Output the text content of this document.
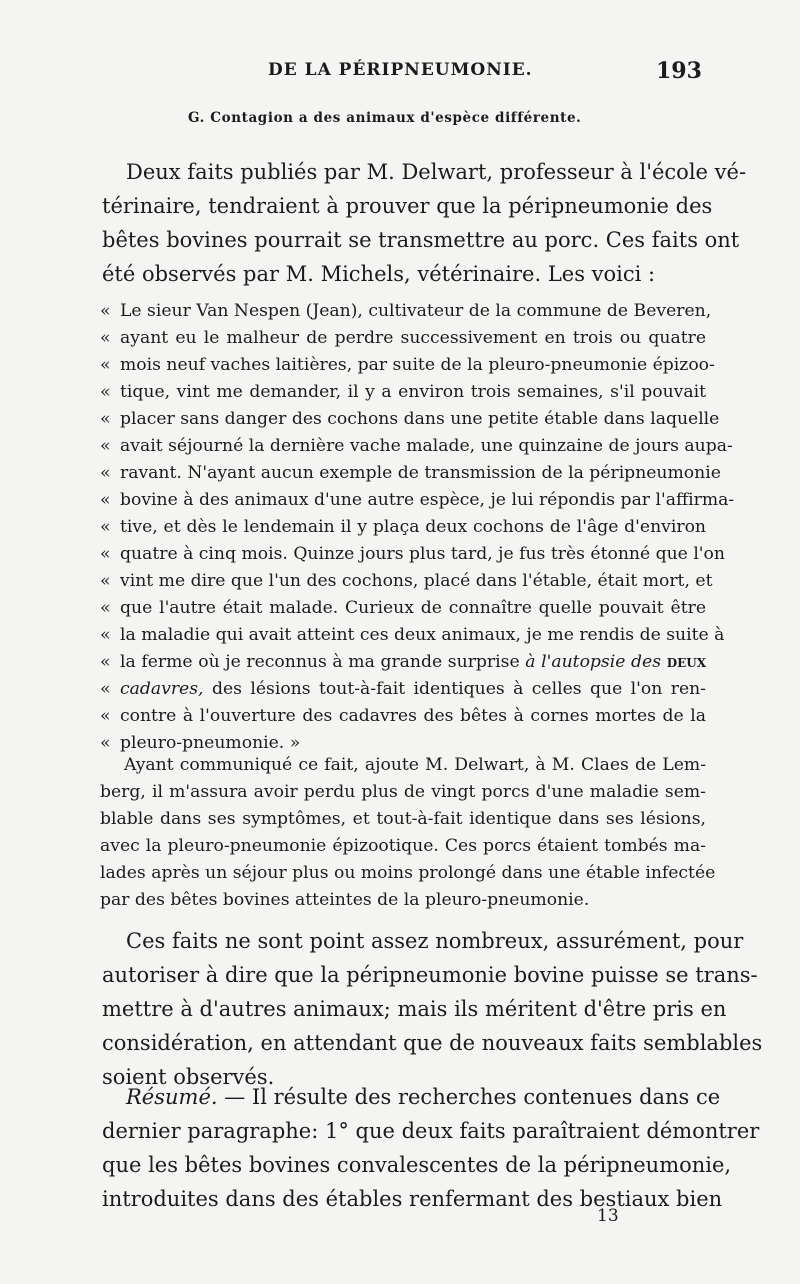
DE LA PÉRIPNEUMONIE.	193
G. Contagion a des animaux d'espèce différente.
Deux faits publiés par M. Delwart, professeur à l'école vé-
térinaire, tendraient à prouver que la péripneumonie des
bêtes bovines pourrait se transmettre au porc. Ces faits ont
été observés par M. Michels, vétérinaire. Les voici :
« Le sieur Van Nespen (Jean), cultivateur de la commune de Beveren,
« ayant eu le malheur de perdre successivement en trois ou quatre
« mois neuf vaches laitières, par suite de la pleuro-pneumonie épizoo-
« tique, vint me demander, il y a environ trois semaines, s'il pouvait
« placer sans danger des cochons dans une petite étable dans laquelle
« avait séjourné la dernière vache malade, une quinzaine de jours aupa-
« ravant. N'ayant aucun exemple de transmission de la péripneumonie
« bovine à des animaux d'une autre espèce, je lui répondis par l'affirma-
« tive, et dès le lendemain il y plaça deux cochons de l'âge d'environ
« quatre à cinq mois. Quinze jours plus tard, je fus très étonné que l'on
« vint me dire que l'un des cochons, placé dans l'étable, était mort, et
« que l'autre était malade. Curieux de connaître quelle pouvait être
« la maladie qui avait atteint ces deux animaux, je me rendis de suite à
« la ferme où je reconnus à ma grande surprise à l'autopsie des deux
« cadavres, des lésions tout-à-fait identiques à celles que l'on ren-
« contre à l'ouverture des cadavres des bêtes à cornes mortes de la
« pleuro-pneumonie. »
Ayant communiqué ce fait, ajoute M. Delwart, à M. Claes de Lem-
berg, il m'assura avoir perdu plus de vingt porcs d'une maladie sem-
blable dans ses symptômes, et tout-à-fait identique dans ses lésions,
avec la pleuro-pneumonie épizootique. Ces porcs étaient tombés ma-
lades après un séjour plus ou moins prolongé dans une étable infectée
par des bêtes bovines atteintes de la pleuro-pneumonie.
Ces faits ne sont point assez nombreux, assurément, pour
autoriser à dire que la péripneumonie bovine puisse se trans-
mettre à d'autres animaux; mais ils méritent d'être pris en
considération, en attendant que de nouveaux faits semblables
soient observés.
Résumé. — Il résulte des recherches contenues dans ce
dernier paragraphe: 1° que deux faits paraîtraient démontrer
que les bêtes bovines convalescentes de la péripneumonie,
introduites dans des étables renfermant des bestiaux bien
13
